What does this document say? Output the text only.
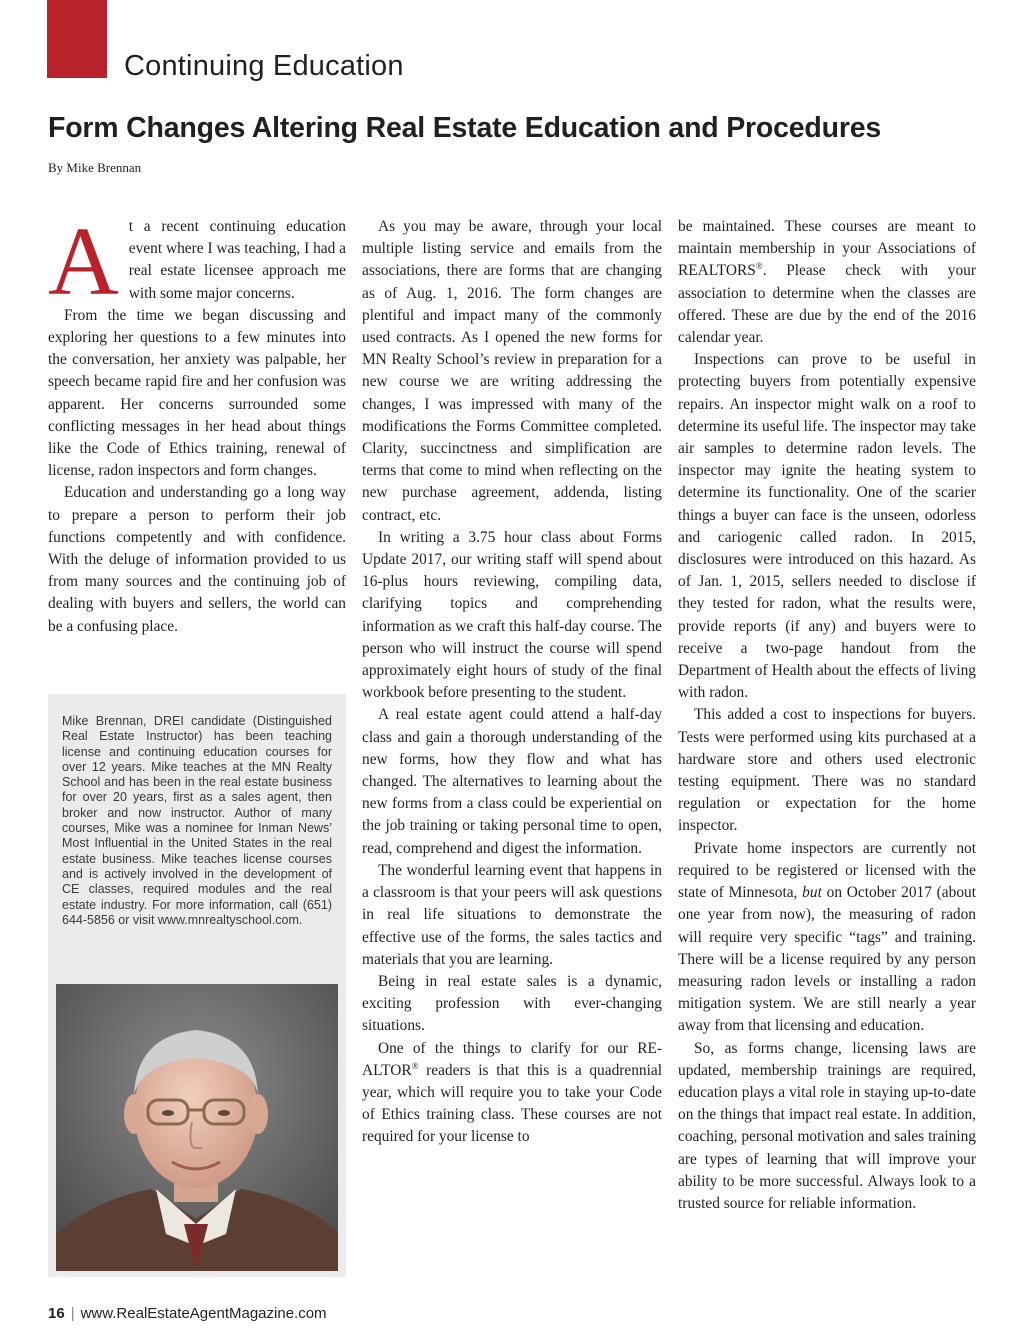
Continuing Education
Form Changes Altering Real Estate Education and Procedures
By Mike Brennan

At a recent continuing education event where I was teaching, I had a real estate licensee approach me with some major concerns.

From the time we began discussing and exploring her questions to a few minutes into the conversation, her anxiety was palpable, her speech became rapid fire and her confusion was apparent. Her concerns surrounded some conflicting messages in her head about things like the Code of Ethics training, renewal of license, radon inspectors and form changes.

Education and understanding go a long way to prepare a person to perform their job functions competently and with confidence. With the deluge of information provided to us from many sources and the continuing job of dealing with buyers and sellers, the world can be a confusing place.

As you may be aware, through your local multiple listing service and emails from the associations, there are forms that are changing as of Aug. 1, 2016. The form changes are plentiful and impact many of the commonly used contracts. As I opened the new forms for MN Realty School’s review in preparation for a new course we are writing addressing the changes, I was impressed with many of the modifications the Forms Committee completed. Clarity, succinctness and simplification are terms that come to mind when reflecting on the new purchase agreement, addenda, listing contract, etc.

In writing a 3.75 hour class about Forms Update 2017, our writing staff will spend about 16-plus hours reviewing, compiling data, clarifying topics and comprehending information as we craft this half-day course. The person who will instruct the course will spend approximately eight hours of study of the final workbook before presenting to the student.

A real estate agent could attend a half-day class and gain a thorough understanding of the new forms, how they flow and what has changed. The alternatives to learning about the new forms from a class could be experiential on the job training or taking personal time to open, read, comprehend and digest the information.

The wonderful learning event that happens in a classroom is that your peers will ask questions in real life situations to demonstrate the effective use of the forms, the sales tactics and materials that you are learning.

Being in real estate sales is a dynamic, exciting profession with ever-changing situations.

One of the things to clarify for our RE-ALTOR® readers is that this is a quadrennial year, which will require you to take your Code of Ethics training class. These courses are not required for your license to

be maintained. These courses are meant to maintain membership in your Associations of REALTORS®. Please check with your association to determine when the classes are offered. These are due by the end of the 2016 calendar year.

Inspections can prove to be useful in protecting buyers from potentially expensive repairs. An inspector might walk on a roof to determine its useful life. The inspector may take air samples to determine radon levels. The inspector may ignite the heating system to determine its functionality. One of the scarier things a buyer can face is the unseen, odorless and cariogenic called radon. In 2015, disclosures were introduced on this hazard. As of Jan. 1, 2015, sellers needed to disclose if they tested for radon, what the results were, provide reports (if any) and buyers were to receive a two-page handout from the Department of Health about the effects of living with radon.

This added a cost to inspections for buyers. Tests were performed using kits purchased at a hardware store and others used electronic testing equipment. There was no standard regulation or expectation for the home inspector.

Private home inspectors are currently not required to be registered or licensed with the state of Minnesota, but on October 2017 (about one year from now), the measuring of radon will require very specific “tags” and training. There will be a license required by any person measuring radon levels or installing a radon mitigation system. We are still nearly a year away from that licensing and education.

So, as forms change, licensing laws are updated, membership trainings are required, education plays a vital role in staying up-to-date on the things that impact real estate. In addition, coaching, personal motivation and sales training are types of learning that will improve your ability to be more successful. Always look to a trusted source for reliable information.

Mike Brennan, DREI candidate (Distinguished Real Estate Instructor) has been teaching license and continuing education courses for over 12 years. Mike teaches at the MN Realty School and has been in the real estate business for over 20 years, first as a sales agent, then broker and now instructor. Author of many courses, Mike was a nominee for Inman News’ Most Influential in the United States in the real estate business. Mike teaches license courses and is actively involved in the development of CE classes, required modules and the real estate industry. For more information, call (651) 644-5856 or visit www.mnrealtyschool.com.

16 | www.RealEstateAgentMagazine.com
